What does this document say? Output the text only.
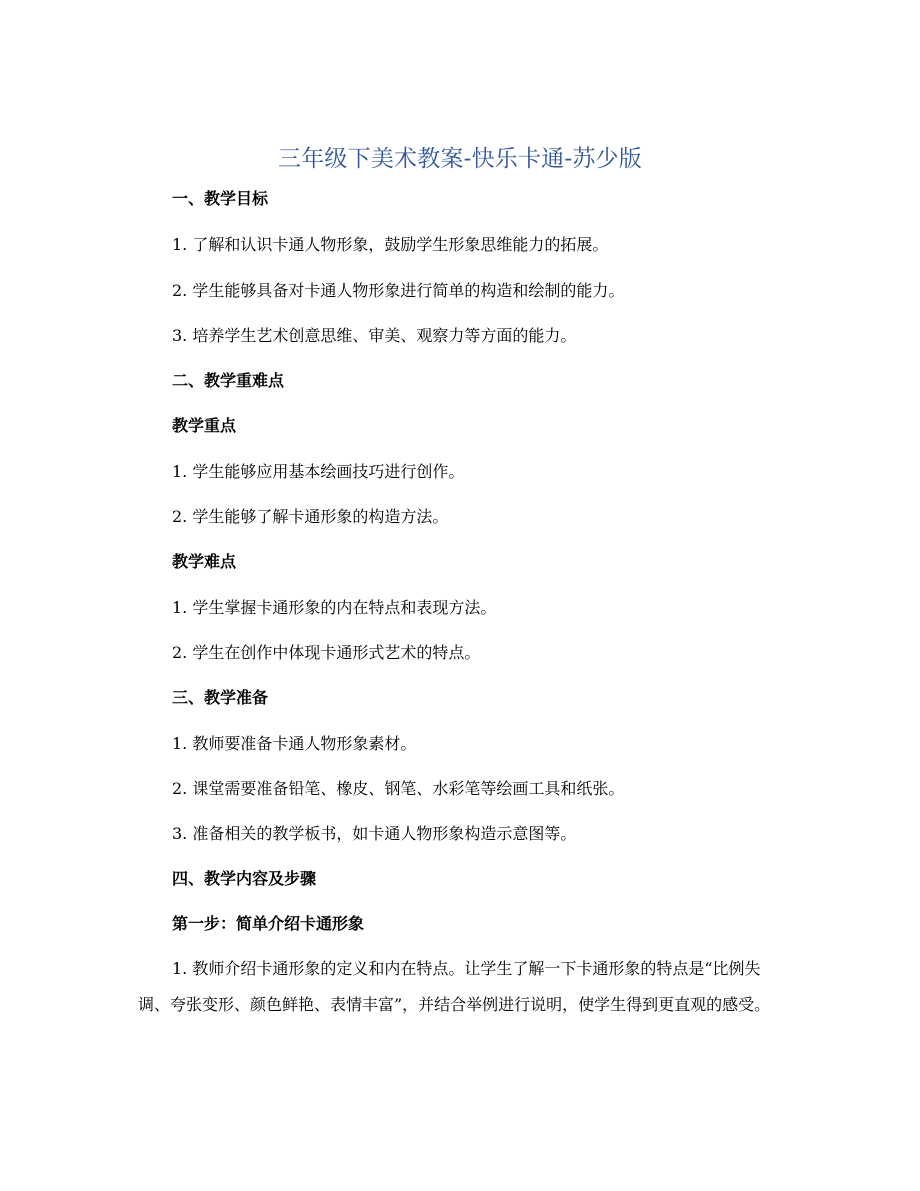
三年级下美术教案-快乐卡通-苏少版

一、教学目标

1. 了解和认识卡通人物形象，鼓励学生形象思维能力的拓展。

2. 学生能够具备对卡通人物形象进行简单的构造和绘制的能力。

3. 培养学生艺术创意思维、审美、观察力等方面的能力。

二、教学重难点

教学重点

1. 学生能够应用基本绘画技巧进行创作。

2. 学生能够了解卡通形象的构造方法。

教学难点

1. 学生掌握卡通形象的内在特点和表现方法。

2. 学生在创作中体现卡通形式艺术的特点。

三、教学准备

1. 教师要准备卡通人物形象素材。

2. 课堂需要准备铅笔、橡皮、钢笔、水彩笔等绘画工具和纸张。

3. 准备相关的教学板书，如卡通人物形象构造示意图等。

四、教学内容及步骤

第一步：简单介绍卡通形象

1. 教师介绍卡通形象的定义和内在特点。让学生了解一下卡通形象的特点是“比例失调、夸张变形、颜色鲜艳、表情丰富”，并结合举例进行说明，使学生得到更直观的感受。
